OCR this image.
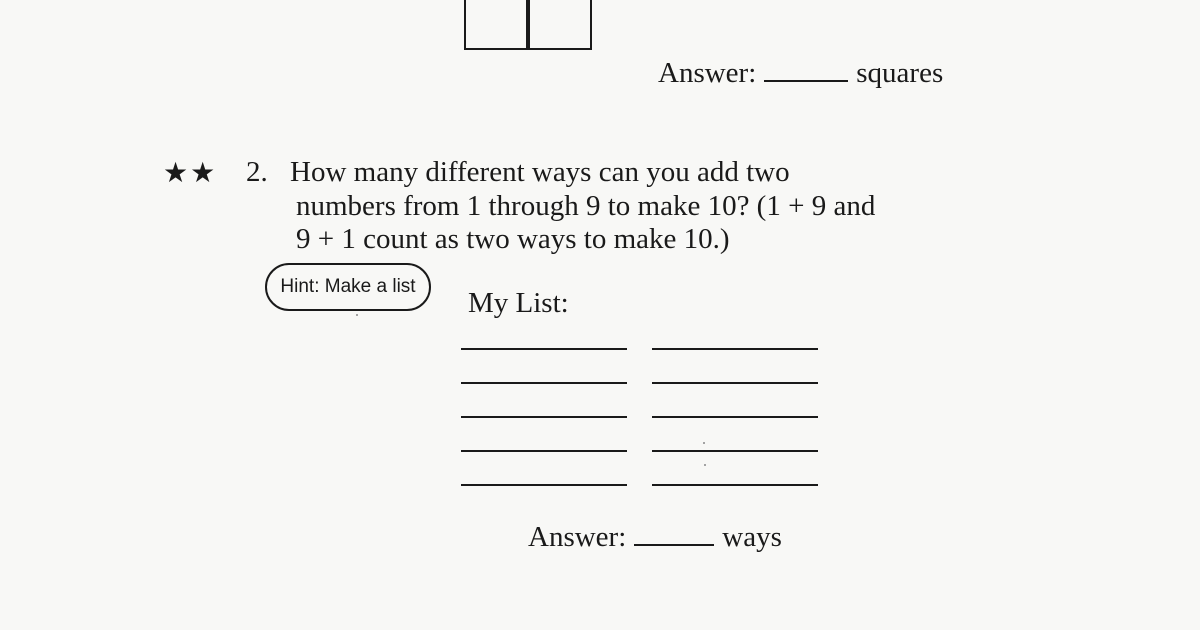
Answer:	squares
★★ 2. How many different ways can you add two
numbers from 1 through 9 to make 10? (1 + 9 and
9 + 1 count as two ways to make 10.)
Hint: Make a list
My List:
Answer:	ways
